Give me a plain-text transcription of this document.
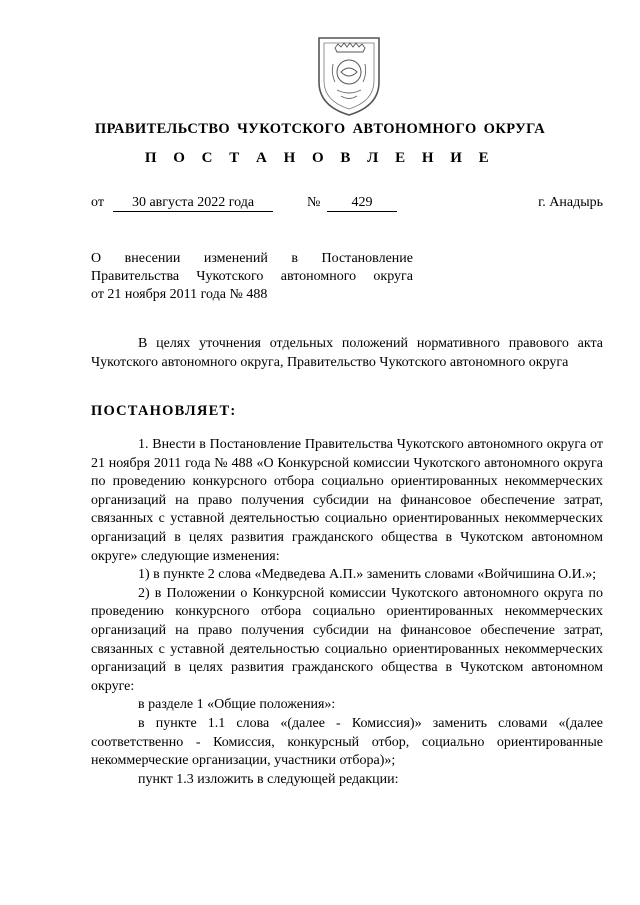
ПРАВИТЕЛЬСТВО ЧУКОТСКОГО АВТОНОМНОГО ОКРУГА
П О С Т А Н О В Л Е Н И Е
от	30 августа 2022 года	№	429	г. Анадырь
О внесении изменений в Постановление
Правительства Чукотского автономного округа
от 21 ноября 2011 года № 488

В целях уточнения отдельных положений нормативного правового акта Чукотского автономного округа, Правительство Чукотского автономного округа

ПОСТАНОВЛЯЕТ:

1. Внести в Постановление Правительства Чукотского автономного округа от 21 ноября 2011 года № 488 «О Конкурсной комиссии Чукотского автономного округа по проведению конкурсного отбора социально ориентированных некоммерческих организаций на право получения субсидии на финансовое обеспечение затрат, связанных с уставной деятельностью социально ориентированных некоммерческих организаций в целях развития гражданского общества в Чукотском автономном округе» следующие изменения:

1) в пункте 2 слова «Медведева А.П.» заменить словами «Войчишина О.И.»;

2) в Положении о Конкурсной комиссии Чукотского автономного округа по проведению конкурсного отбора социально ориентированных некоммерческих организаций на право получения субсидии на финансовое обеспечение затрат, связанных с уставной деятельностью социально ориентированных некоммерческих организаций в целях развития гражданского общества в Чукотском автономном округе:

в разделе 1 «Общие положения»:

в пункте 1.1 слова «(далее - Комиссия)» заменить словами «(далее соответственно - Комиссия, конкурсный отбор, социально ориентированные некоммерческие организации, участники отбора)»;

пункт 1.3 изложить в следующей редакции:
